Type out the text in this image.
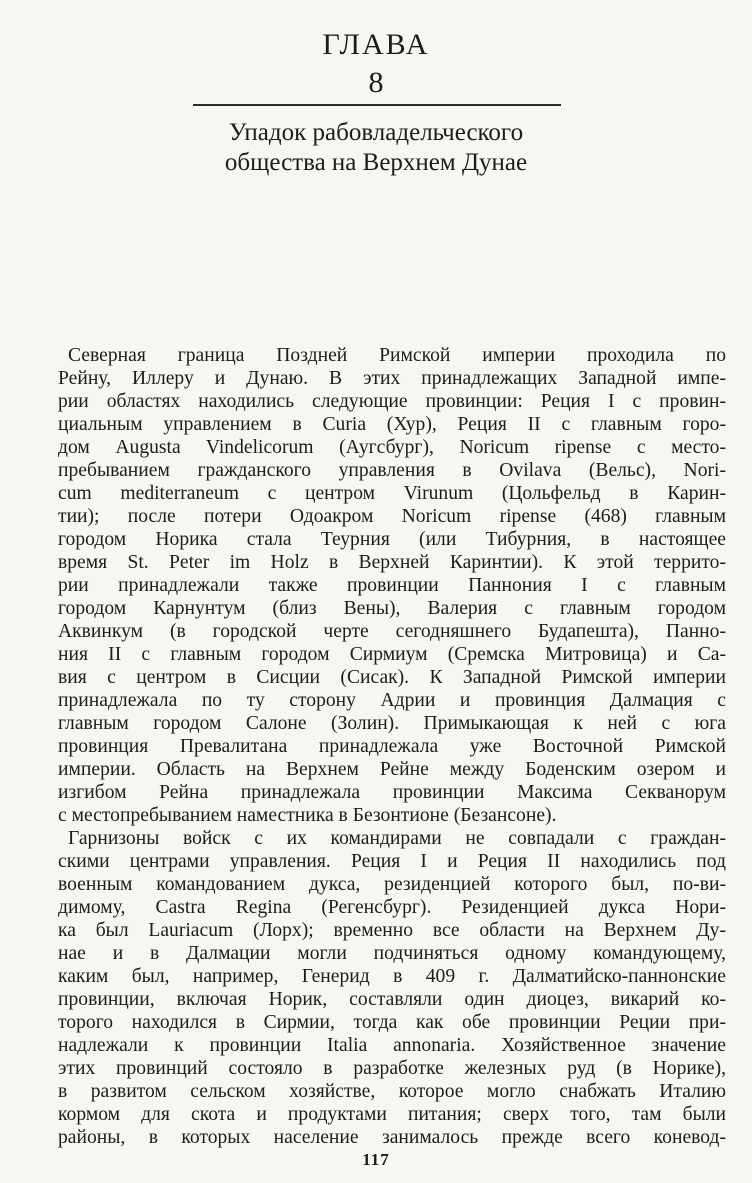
ГЛАВА
8
Упадок рабовладельческого
общества на Верхнем Дунае

Северная граница Поздней Римской империи проходила по
Рейну, Иллеру и Дунаю. В этих принадлежащих Западной импе-
рии областях находились следующие провинции: Реция I с провин-
циальным управлением в Curia (Хур), Реция II с главным горо-
дом Augusta Vindelicorum (Аугсбург), Noricum ripense с место-
пребыванием гражданского управления в Ovilava (Вельс), Nori-
cum mediterraneum с центром Virunum (Цольфельд в Карин-
тии); после потери Одоакром Noricum ripense (468) главным
городом Норика стала Теурния (или Тибурния, в настоящее
время St. Peter im Holz в Верхней Каринтии). К этой террито-
рии принадлежали также провинции Паннония I с главным
городом Карнунтум (близ Вены), Валерия с главным городом
Аквинкум (в городской черте сегодняшнего Будапешта), Панно-
ния II с главным городом Сирмиум (Сремска Митровица) и Са-
вия с центром в Сисции (Сисак). К Западной Римской империи
принадлежала по ту сторону Адрии и провинция Далмация с
главным городом Салоне (Золин). Примыкающая к ней с юга
провинция Превалитана принадлежала уже Восточной Римской
империи. Область на Верхнем Рейне между Боденским озером и
изгибом Рейна принадлежала провинции Максима Секванорум
с местопребыванием наместника в Безонтионе (Безансоне).

Гарнизоны войск с их командирами не совпадали с граждан-
скими центрами управления. Реция I и Реция II находились под
военным командованием дукса, резиденцией которого был, по-ви-
димому, Castra Regina (Регенсбург). Резиденцией дукса Нори-
ка был Lauriacum (Лорх); временно все области на Верхнем Ду-
нае и в Далмации могли подчиняться одному командующему,
каким был, например, Генерид в 409 г. Далматийско-паннонские
провинции, включая Норик, составляли один диоцез, викарий ко-
торого находился в Сирмии, тогда как обе провинции Реции при-
надлежали к провинции Italia annonaria. Хозяйственное значение
этих провинций состояло в разработке железных руд (в Норике),
в развитом сельском хозяйстве, которое могло снабжать Италию
кормом для скота и продуктами питания; сверх того, там были
районы, в которых население занималось прежде всего коневод-

117
